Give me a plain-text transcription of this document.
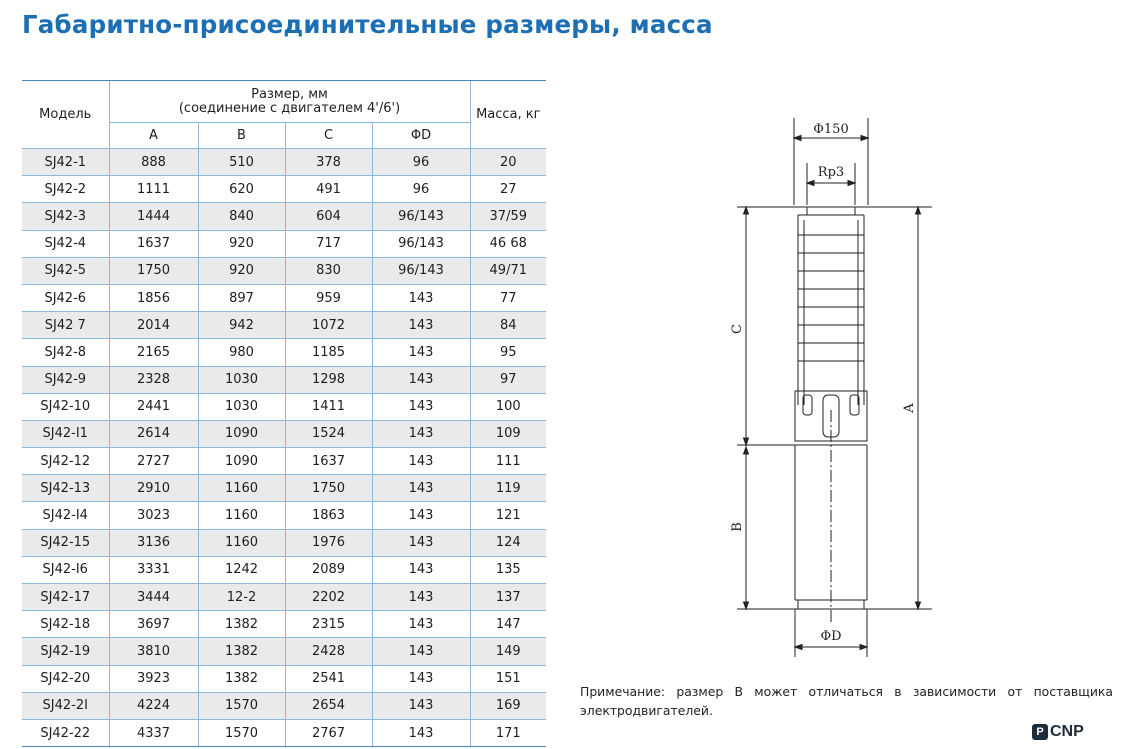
Габаритно-присоединительные размеры, масса
Модель	Размер, мм
(соединение с двигателем 4'/6')				Масса, кг
	A	B	C	ΦD	
SJ42-1	888	510	378	96	20
SJ42-2	1111	620	491	96	27
SJ42-3	1444	840	604	96/143	37/59
SJ42-4	1637	920	717	96/143	46 68
SJ42-5	1750	920	830	96/143	49/71
SJ42-6	1856	897	959	143	77
SJ42 7	2014	942	1072	143	84
SJ42-8	2165	980	1185	143	95
SJ42-9	2328	1030	1298	143	97
SJ42-10	2441	1030	1411	143	100
SJ42-I1	2614	1090	1524	143	109
SJ42-12	2727	1090	1637	143	111
SJ42-13	2910	1160	1750	143	119
SJ42-I4	3023	1160	1863	143	121
SJ42-15	3136	1160	1976	143	124
SJ42-I6	3331	1242	2089	143	135
SJ42-17	3444	12-2	2202	143	137
SJ42-18	3697	1382	2315	143	147
SJ42-19	3810	1382	2428	143	149
SJ42-20	3923	1382	2541	143	151
SJ42-2I	4224	1570	2654	143	169
SJ42-22	4337	1570	2767	143	171
Φ150
Rp3
C
B
A
ΦD
Примечание: размер B может отличаться в зависимости от поставщика электродвигателей.
P CNP
